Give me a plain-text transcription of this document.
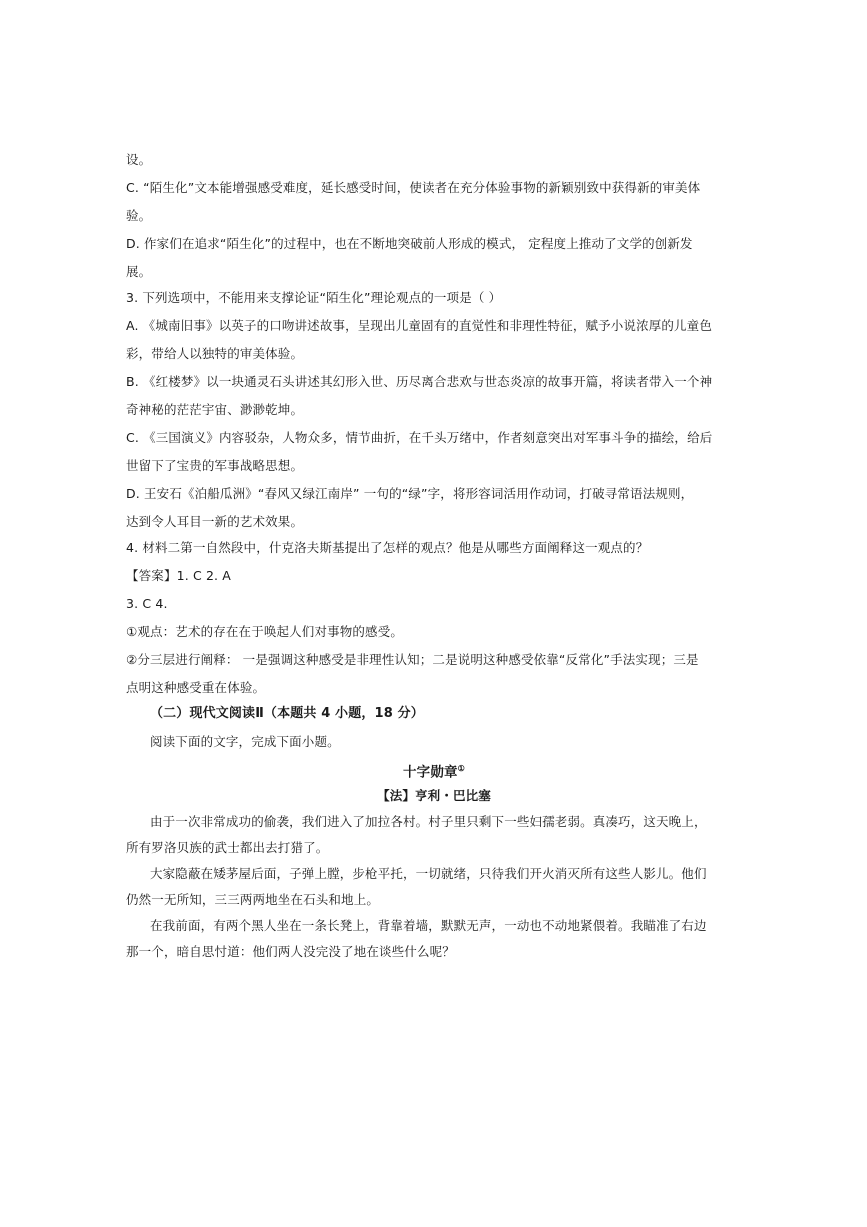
设。
C. “陌生化”文本能增强感受难度，延长感受时间，使读者在充分体验事物的新颖别致中获得新的审美体
验。
D. 作家们在追求“陌生化”的过程中，也在不断地突破前人形成的模式， 定程度上推动了文学的创新发
展。
3. 下列选项中，不能用来支撑论证“陌生化”理论观点的一项是（ ）
A. 《城南旧事》以英子的口吻讲述故事，呈现出儿童固有的直觉性和非理性特征，赋予小说浓厚的儿童色
彩，带给人以独特的审美体验。
B. 《红楼梦》以一块通灵石头讲述其幻形入世、历尽离合悲欢与世态炎凉的故事开篇，将读者带入一个神
奇神秘的茫茫宇宙、渺渺乾坤。
C. 《三国演义》内容驳杂，人物众多，情节曲折，在千头万绪中，作者刻意突出对军事斗争的描绘，给后
世留下了宝贵的军事战略思想。
D. 王安石《泊船瓜洲》“春风又绿江南岸” 一句的“绿”字，将形容词活用作动词，打破寻常语法规则，
达到令人耳目一新的艺术效果。
4. 材料二第一自然段中，什克洛夫斯基提出了怎样的观点？他是从哪些方面阐释这一观点的？
【答案】1. C 2. A
3. C 4.
①观点：艺术的存在在于唤起人们对事物的感受。
②分三层进行阐释： 一是强调这种感受是非理性认知；二是说明这种感受依靠“反常化”手法实现；三是
点明这种感受重在体验。
（二）现代文阅读Ⅱ（本题共 4 小题，18 分）
阅读下面的文字，完成下面小题。
十字勋章①
【法】亨利・巴比塞
由于一次非常成功的偷袭，我们进入了加拉各村。村子里只剩下一些妇孺老弱。真凑巧，这天晚上，
所有罗洛贝族的武士都出去打猎了。
大家隐蔽在矮茅屋后面，子弹上膛，步枪平托，一切就绪，只待我们开火消灭所有这些人影儿。他们
仍然一无所知，三三两两地坐在石头和地上。
在我前面，有两个黑人坐在一条长凳上，背靠着墙，默默无声，一动也不动地紧偎着。我瞄准了右边
那一个，暗自思忖道：他们两人没完没了地在谈些什么呢？
